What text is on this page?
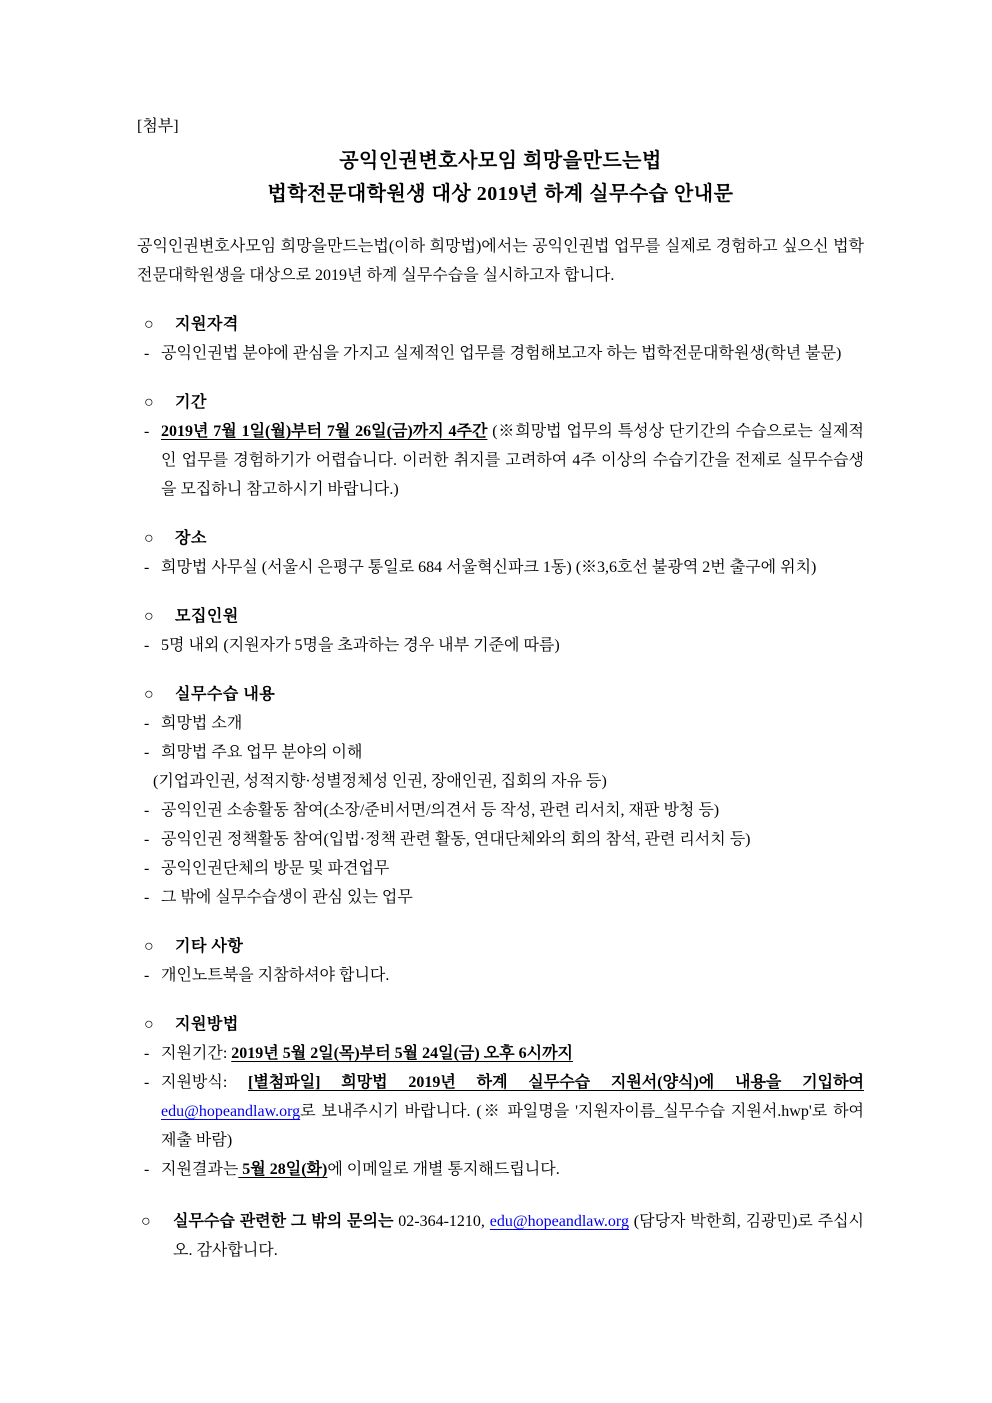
[첨부]
공익인권변호사모임 희망을만드는법
법학전문대학원생 대상 2019년 하계 실무수습 안내문

공익인권변호사모임 희망을만드는법(이하 희망법)에서는 공익인권법 업무를 실제로 경험하고 싶으신 법학전문대학원생을 대상으로 2019년 하계 실무수습을 실시하고자 합니다.

○ 지원자격
- 공익인권법 분야에 관심을 가지고 실제적인 업무를 경험해보고자 하는 법학전문대학원생(학년 불문)
○ 기간
- 2019년 7월 1일(월)부터 7월 26일(금)까지 4주간 (※희망법 업무의 특성상 단기간의 수습으로는 실제적인 업무를 경험하기가 어렵습니다. 이러한 취지를 고려하여 4주 이상의 수습기간을 전제로 실무수습생을 모집하니 참고하시기 바랍니다.)
○ 장소
- 희망법 사무실 (서울시 은평구 통일로 684 서울혁신파크 1동) (※3,6호선 불광역 2번 출구에 위치)
○ 모집인원
- 5명 내외 (지원자가 5명을 초과하는 경우 내부 기준에 따름)
○ 실무수습 내용
- 희망법 소개
- 희망법 주요 업무 분야의 이해
(기업과인권, 성적지향·성별정체성 인권, 장애인권, 집회의 자유 등)
- 공익인권 소송활동 참여(소장/준비서면/의견서 등 작성, 관련 리서치, 재판 방청 등)
- 공익인권 정책활동 참여(입법·정책 관련 활동, 연대단체와의 회의 참석, 관련 리서치 등)
- 공익인권단체의 방문 및 파견업무
- 그 밖에 실무수습생이 관심 있는 업무
○ 기타 사항
- 개인노트북을 지참하셔야 합니다.
○ 지원방법
- 지원기간: 2019년 5월 2일(목)부터 5월 24일(금) 오후 6시까지
- 지원방식: [별첨파일] 희망법 2019년 하계 실무수습 지원서(양식)에 내용을 기입하여 edu@hopeandlaw.org로 보내주시기 바랍니다. (※ 파일명을 '지원자이름_실무수습 지원서.hwp'로 하여 제출 바람)
- 지원결과는 5월 28일(화)에 이메일로 개별 통지해드립니다.
○ 실무수습 관련한 그 밖의 문의는 02-364-1210, edu@hopeandlaw.org (담당자 박한희, 김광민)로 주십시오. 감사합니다.
